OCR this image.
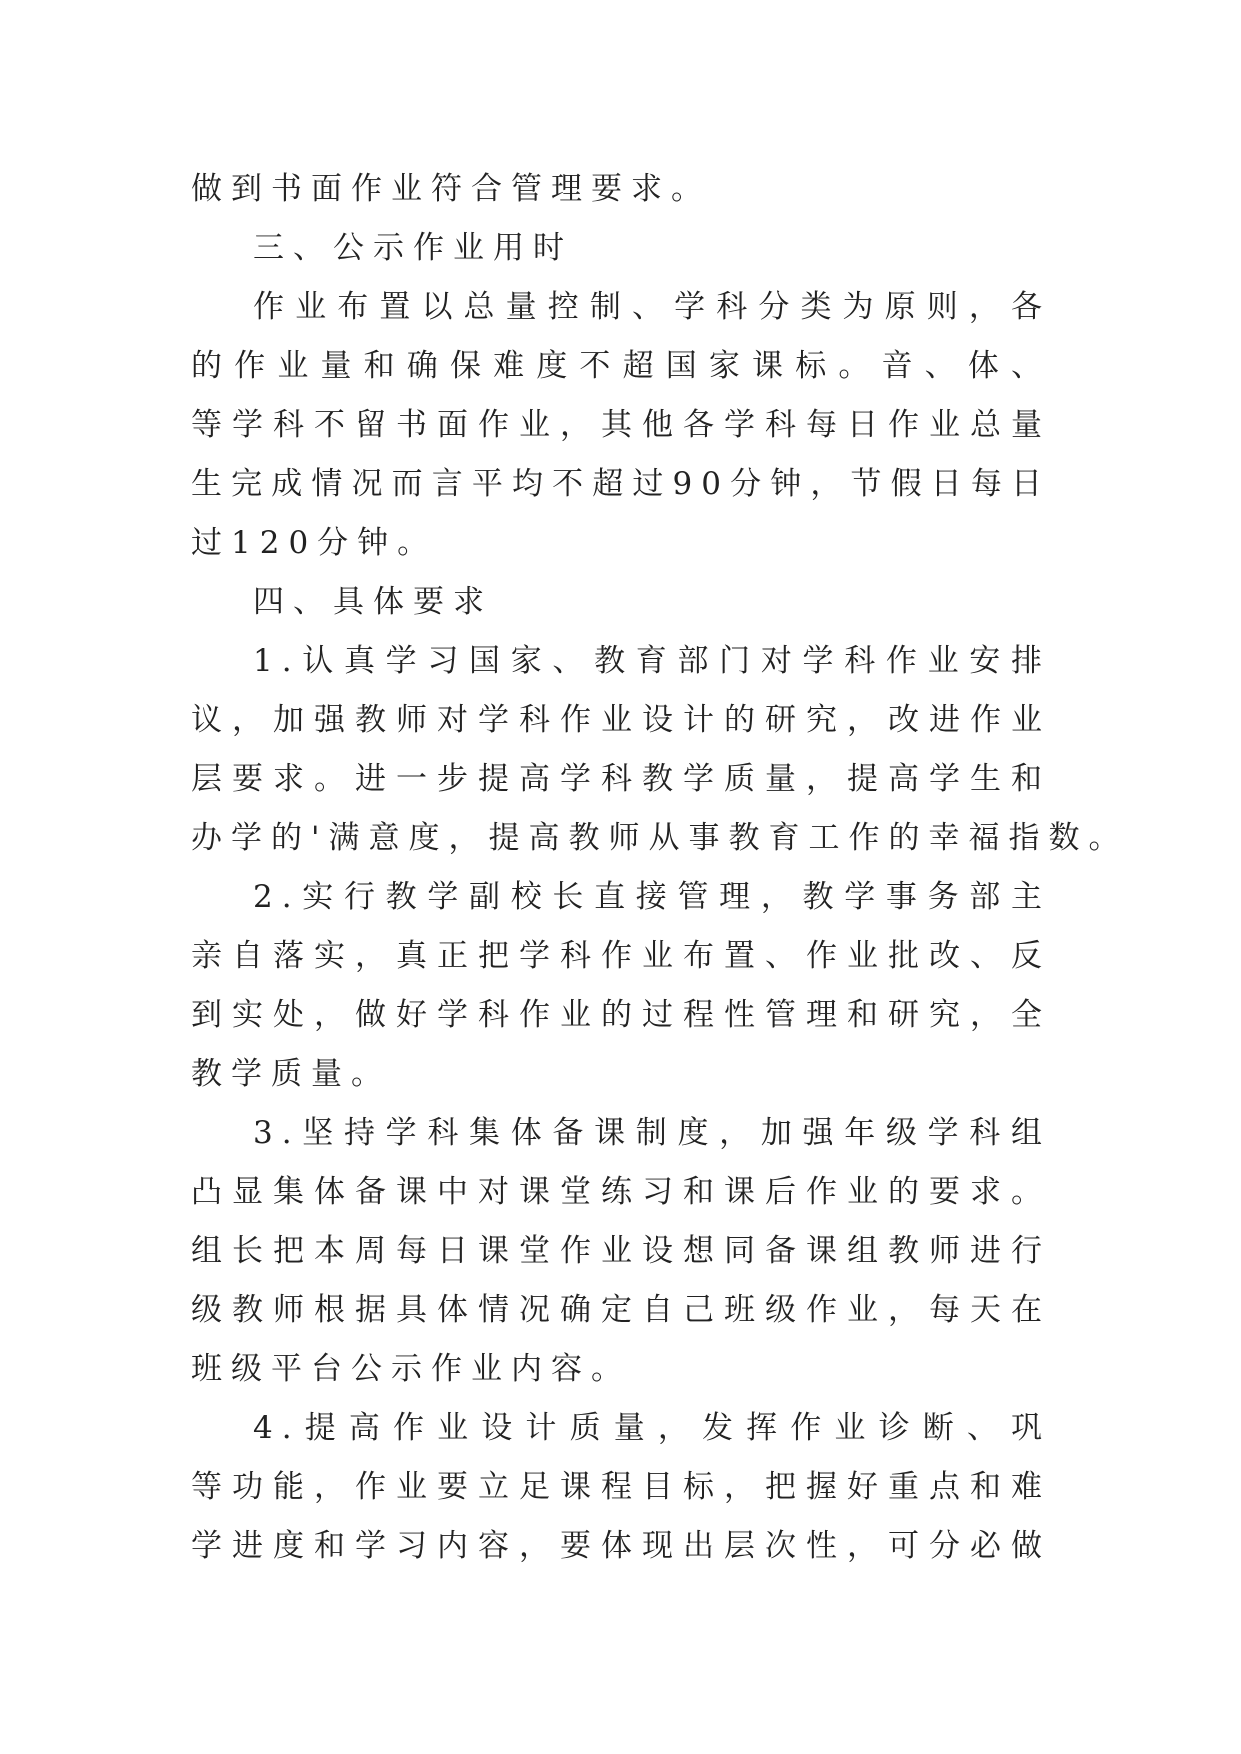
做到书面作业符合管理要求。
三、公示作业用时
作业布置以总量控制、学科分类为原则，各
的作业量和确保难度不超国家课标。音、体、
等学科不留书面作业，其他各学科每日作业总量
生完成情况而言平均不超过90分钟，节假日每日
过120分钟。
四、具体要求
1.认真学习国家、教育部门对学科作业安排
议，加强教师对学科作业设计的研究，改进作业
层要求。进一步提高学科教学质量，提高学生和
办学的'满意度，提高教师从事教育工作的幸福指数。
2.实行教学副校长直接管理，教学事务部主
亲自落实，真正把学科作业布置、作业批改、反
到实处，做好学科作业的过程性管理和研究，全
教学质量。
3.坚持学科集体备课制度，加强年级学科组
凸显集体备课中对课堂练习和课后作业的要求。
组长把本周每日课堂作业设想同备课组教师进行
级教师根据具体情况确定自己班级作业，每天在
班级平台公示作业内容。
4.提高作业设计质量，发挥作业诊断、巩
等功能，作业要立足课程目标，把握好重点和难
学进度和学习内容，要体现出层次性，可分必做
